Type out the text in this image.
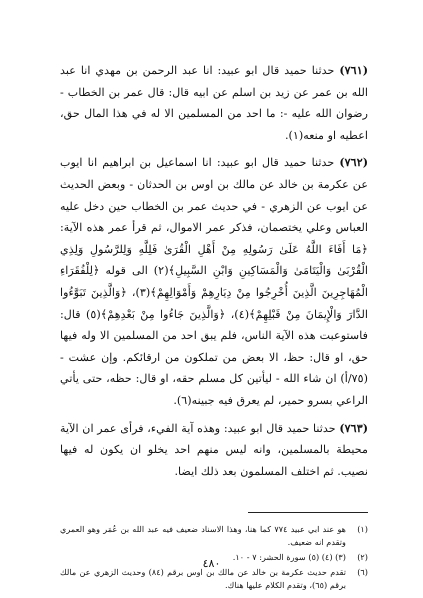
(٧٦١) حدثنا حميد قال ابو عبيد: انا عبد الرحمن بن مهدي انا عبد الله بن عمر عن زيد بن اسلم عن ابيه قال: قال عمر بن الخطاب - رضوان الله عليه -: ما احد من المسلمين الا له في هذا المال حق، اعطيه او منعه(١).

(٧٦٢) حدثنا حميد قال ابو عبيد: انا اسماعيل بن ابراهيم انا ايوب عن عكرمة بن خالد عن مالك بن اوس بن الحدثان - وبعض الحديث عن ايوب عن الزهري - في حديث عمر بن الخطاب حين دخل عليه العباس وعلي يختصمان، فذكر عمر الاموال، ثم قرأ عمر هذه الآية: ﴿مَا أَفَاءَ اللَّهُ عَلَىٰ رَسُولِهِ مِنْ أَهْلِ الْقُرَىٰ فَلِلَّهِ وَلِلرَّسُولِ وَلِذِي الْقُرْبَىٰ وَالْيَتَامَىٰ وَالْمَسَاكِينِ وَابْنِ السَّبِيلِ﴾(٢) الى قوله ﴿لِلْفُقَرَاءِ الْمُهَاجِرِينَ الَّذِينَ أُخْرِجُوا مِنْ دِيَارِهِمْ وَأَمْوَالِهِمْ﴾(٣)، ﴿وَالَّذِينَ تَبَوَّءُوا الدَّارَ وَالْإِيمَانَ مِنْ قَبْلِهِمْ﴾(٤)، ﴿وَالَّذِينَ جَاءُوا مِنْ بَعْدِهِمْ﴾(٥) قال: فاستوعبت هذه الآية الناس، فلم يبق احد من المسلمين الا وله فيها حق، او قال: حظ، الا بعض من تملكون من ارقائكم. وإن عشت - (٧٥/أ) ان شاء الله - ليأتين كل مسلم حقه، او قال: حظه، حتى يأتي الراعي بسرو حمير، لم يعرق فيه جبينه(٦).

(٧٦٣) حدثنا حميد قال ابو عبيد: وهذه آية الفيء، فرأى عمر ان الآية محيطة بالمسلمين، وانه ليس منهم احد يخلو ان يكون له فيها نصيب. ثم اختلف المسلمون بعد ذلك ايضا.

(١)
هو عند ابي عبيد ٧٧٤ كما هنا، وهذا الاسناد ضعيف فيه عبد الله بن عُمَر وهو العمري وتقدم انه ضعيف.
(٢)
(٣) (٤) (٥) سورة الحشر: ٧ - ١٠.
(٦)
تقدم حديث عكرمة بن خالد عن مالك بن اوس برقم (٨٤) وحديث الزهري عن مالك برقم (٦٥)، وتقدم الكلام عليها هناك.
٤٨٠
